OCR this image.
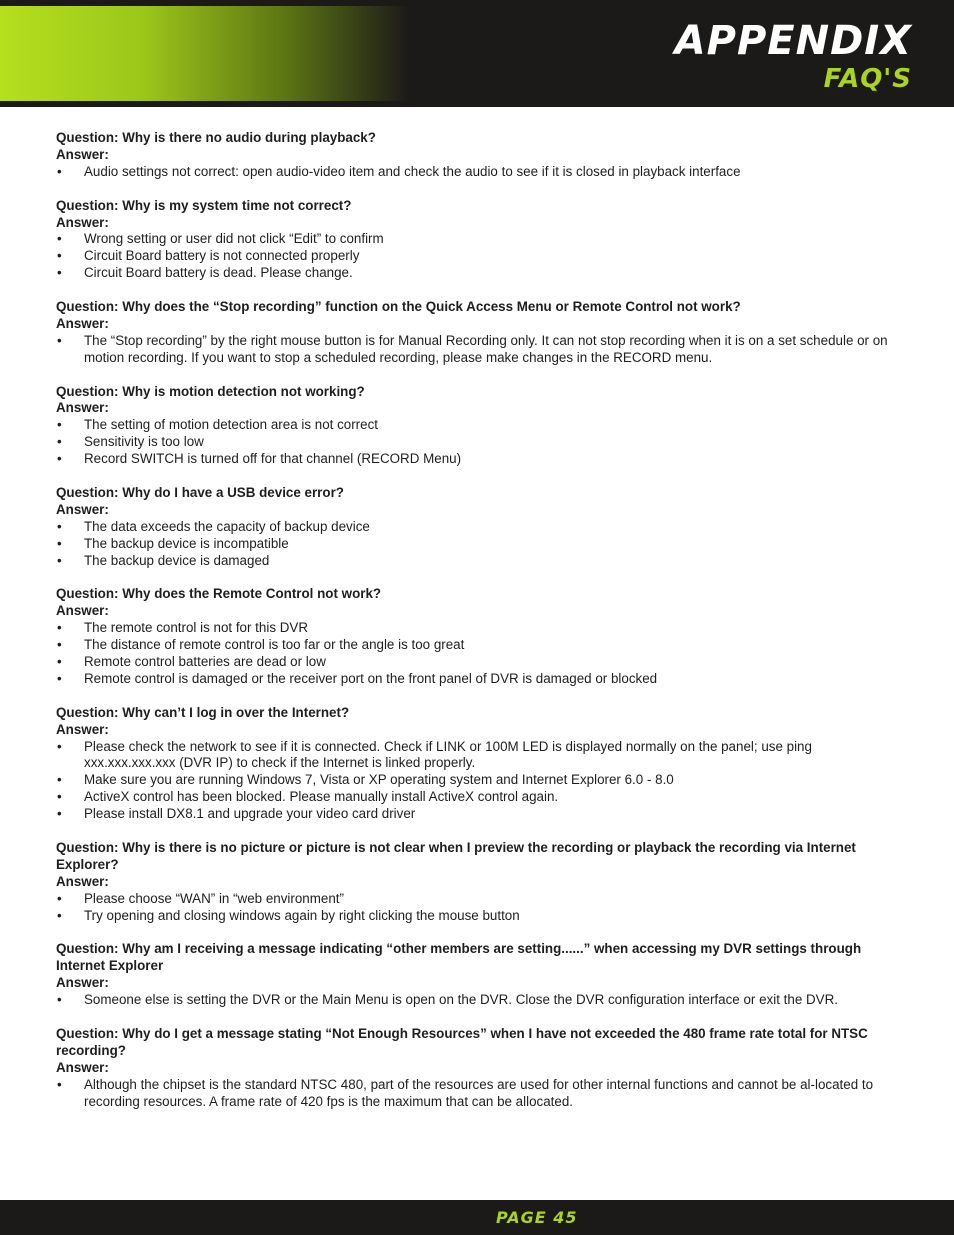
APPENDIX
FAQ'S
Question: Why is there no audio during playback?
Answer:
• Audio settings not correct: open audio-video item and check the audio to see if it is closed in playback interface
Question: Why is my system time not correct?
Answer:
• Wrong setting or user did not click “Edit” to confirm
• Circuit Board battery is not connected properly
• Circuit Board battery is dead. Please change.
Question: Why does the “Stop recording” function on the Quick Access Menu or Remote Control not work?
Answer:
• The “Stop recording” by the right mouse button is for Manual Recording only. It can not stop recording when it is on a set schedule or on motion recording. If you want to stop a scheduled recording, please make changes in the RECORD menu.
Question: Why is motion detection not working?
Answer:
• The setting of motion detection area is not correct
• Sensitivity is too low
• Record SWITCH is turned off for that channel (RECORD Menu)
Question: Why do I have a USB device error?
Answer:
• The data exceeds the capacity of backup device
• The backup device is incompatible
• The backup device is damaged
Question: Why does the Remote Control not work?
Answer:
• The remote control is not for this DVR
• The distance of remote control is too far or the angle is too great
• Remote control batteries are dead or low
• Remote control is damaged or the receiver port on the front panel of DVR is damaged or blocked
Question: Why can’t I log in over the Internet?
Answer:
• Please check the network to see if it is connected. Check if LINK or 100M LED is displayed normally on the panel; use ping xxx.xxx.xxx.xxx (DVR IP) to check if the Internet is linked properly.
• Make sure you are running Windows 7, Vista or XP operating system and Internet Explorer 6.0 - 8.0
• ActiveX control has been blocked. Please manually install ActiveX control again.
• Please install DX8.1 and upgrade your video card driver
Question: Why is there is no picture or picture is not clear when I preview the recording or playback the recording via Internet Explorer?
Answer:
• Please choose “WAN” in “web environment”
• Try opening and closing windows again by right clicking the mouse button
Question: Why am I receiving a message indicating “other members are setting......” when accessing my DVR settings through Internet Explorer
Answer:
• Someone else is setting the DVR or the Main Menu is open on the DVR. Close the DVR configuration interface or exit the DVR.
Question: Why do I get a message stating “Not Enough Resources” when I have not exceeded the 480 frame rate total for NTSC recording?
Answer:
• Although the chipset is the standard NTSC 480, part of the resources are used for other internal functions and cannot be al-located to recording resources. A frame rate of 420 fps is the maximum that can be allocated.
PAGE 45
